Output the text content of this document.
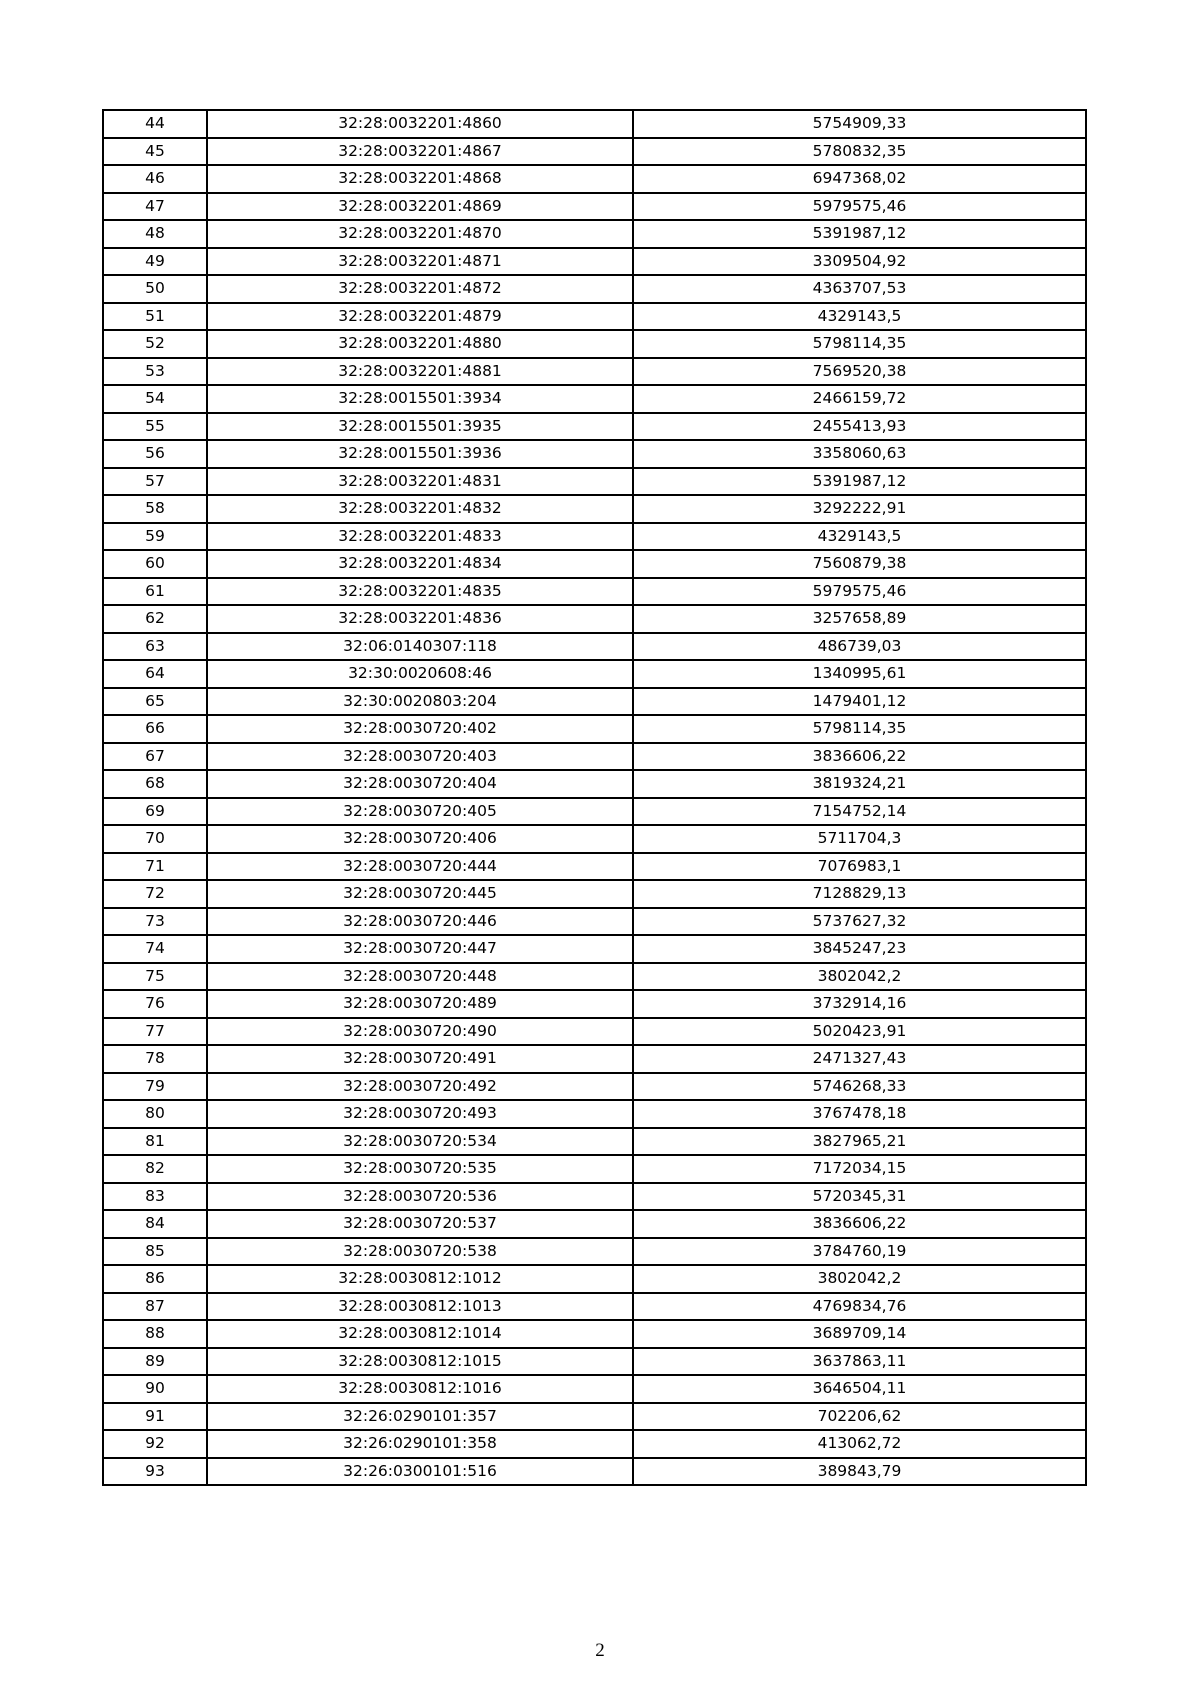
44	32:28:0032201:4860	5754909,33
45	32:28:0032201:4867	5780832,35
46	32:28:0032201:4868	6947368,02
47	32:28:0032201:4869	5979575,46
48	32:28:0032201:4870	5391987,12
49	32:28:0032201:4871	3309504,92
50	32:28:0032201:4872	4363707,53
51	32:28:0032201:4879	4329143,5
52	32:28:0032201:4880	5798114,35
53	32:28:0032201:4881	7569520,38
54	32:28:0015501:3934	2466159,72
55	32:28:0015501:3935	2455413,93
56	32:28:0015501:3936	3358060,63
57	32:28:0032201:4831	5391987,12
58	32:28:0032201:4832	3292222,91
59	32:28:0032201:4833	4329143,5
60	32:28:0032201:4834	7560879,38
61	32:28:0032201:4835	5979575,46
62	32:28:0032201:4836	3257658,89
63	32:06:0140307:118	486739,03
64	32:30:0020608:46	1340995,61
65	32:30:0020803:204	1479401,12
66	32:28:0030720:402	5798114,35
67	32:28:0030720:403	3836606,22
68	32:28:0030720:404	3819324,21
69	32:28:0030720:405	7154752,14
70	32:28:0030720:406	5711704,3
71	32:28:0030720:444	7076983,1
72	32:28:0030720:445	7128829,13
73	32:28:0030720:446	5737627,32
74	32:28:0030720:447	3845247,23
75	32:28:0030720:448	3802042,2
76	32:28:0030720:489	3732914,16
77	32:28:0030720:490	5020423,91
78	32:28:0030720:491	2471327,43
79	32:28:0030720:492	5746268,33
80	32:28:0030720:493	3767478,18
81	32:28:0030720:534	3827965,21
82	32:28:0030720:535	7172034,15
83	32:28:0030720:536	5720345,31
84	32:28:0030720:537	3836606,22
85	32:28:0030720:538	3784760,19
86	32:28:0030812:1012	3802042,2
87	32:28:0030812:1013	4769834,76
88	32:28:0030812:1014	3689709,14
89	32:28:0030812:1015	3637863,11
90	32:28:0030812:1016	3646504,11
91	32:26:0290101:357	702206,62
92	32:26:0290101:358	413062,72
93	32:26:0300101:516	389843,79
2
